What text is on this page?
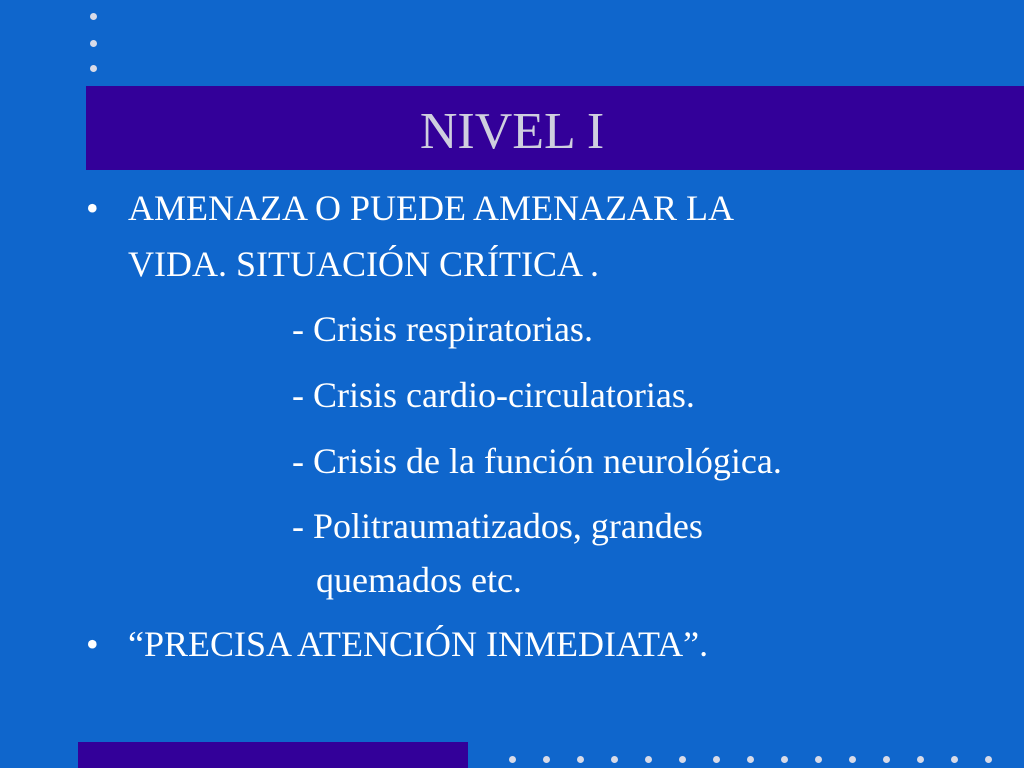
NIVEL I
• AMENAZA O PUEDE AMENAZAR LA
VIDA. SITUACIÓN CRÍTICA .
- Crisis respiratorias.
- Crisis cardio-circulatorias.
- Crisis de la función neurológica.
- Politraumatizados, grandes
quemados etc.
• “PRECISA ATENCIÓN INMEDIATA”.
